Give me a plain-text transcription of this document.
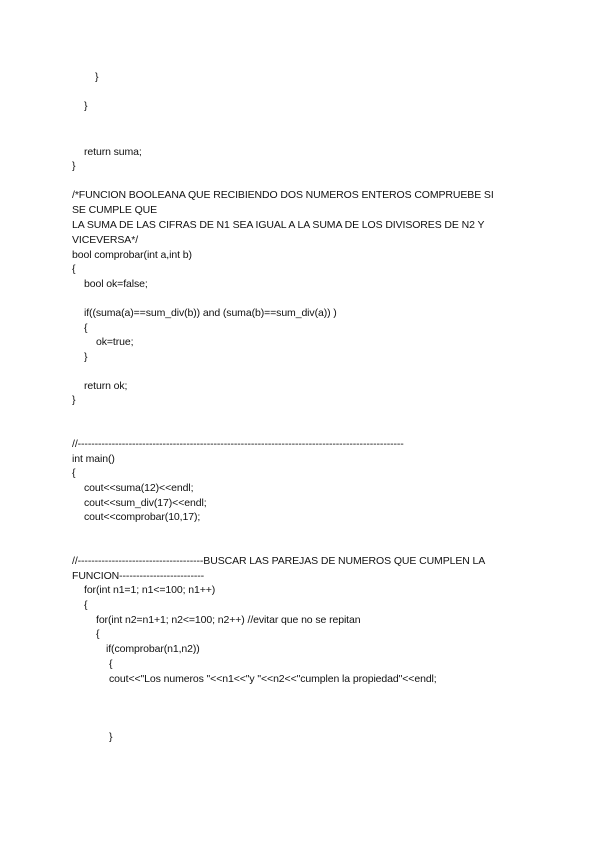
}
}
return suma;
}
/*FUNCION BOOLEANA QUE RECIBIENDO DOS NUMEROS ENTEROS COMPRUEBE SI
SE CUMPLE QUE
LA SUMA DE LAS CIFRAS DE N1 SEA IGUAL A LA SUMA DE LOS DIVISORES DE N2 Y
VICEVERSA*/
bool comprobar(int a,int b)
{
bool ok=false;
if((suma(a)==sum_div(b)) and (suma(b)==sum_div(a)) )
{
ok=true;
}
return ok;
}
//------------------------------------------------------------------------------------------------
int main()
{
cout<<suma(12)<<endl;
cout<<sum_div(17)<<endl;
cout<<comprobar(10,17);
//-------------------------------------BUSCAR LAS PAREJAS DE NUMEROS QUE CUMPLEN LA
FUNCION-------------------------
for(int n1=1; n1<=100; n1++)
{
for(int n2=n1+1; n2<=100; n2++) //evitar que no se repitan
{
if(comprobar(n1,n2))
{
cout<<"Los numeros "<<n1<<"y "<<n2<<"cumplen la propiedad"<<endl;
}
